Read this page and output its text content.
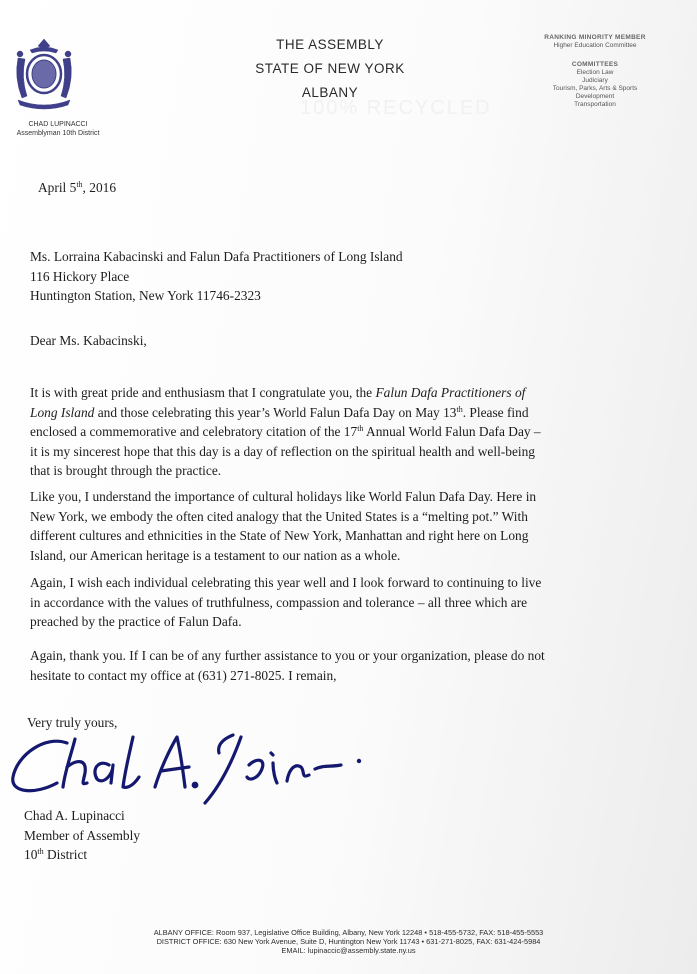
CHAD LUPINACCI
Assemblyman 10th District
THE ASSEMBLY
STATE OF NEW YORK
ALBANY
RANKING MINORITY MEMBER
Higher Education Committee
COMMITTEES
Election Law
Judiciary
Tourism, Parks, Arts & Sports
Development
Transportation
100% RECYCLED
April 5th, 2016
Ms. Lorraina Kabacinski and Falun Dafa Practitioners of Long Island
116 Hickory Place
Huntington Station, New York 11746-2323
Dear Ms. Kabacinski,
It is with great pride and enthusiasm that I congratulate you, the Falun Dafa Practitioners of
Long Island and those celebrating this year’s World Falun Dafa Day on May 13th. Please find
enclosed a commemorative and celebratory citation of the 17th Annual World Falun Dafa Day –
it is my sincerest hope that this day is a day of reflection on the spiritual health and well-being
that is brought through the practice.
Like you, I understand the importance of cultural holidays like World Falun Dafa Day. Here in
New York, we embody the often cited analogy that the United States is a “melting pot.” With
different cultures and ethnicities in the State of New York, Manhattan and right here on Long
Island, our American heritage is a testament to our nation as a whole.
Again, I wish each individual celebrating this year well and I look forward to continuing to live
in accordance with the values of truthfulness, compassion and tolerance – all three which are
preached by the practice of Falun Dafa.
Again, thank you. If I can be of any further assistance to you or your organization, please do not
hesitate to contact my office at (631) 271-8025. I remain,
Very truly yours,
Chad A. Lupinacci
Member of Assembly
10th District
ALBANY OFFICE: Room 937, Legislative Office Building, Albany, New York 12248 • 518-455-5732, FAX: 518-455-5553
DISTRICT OFFICE: 630 New York Avenue, Suite D, Huntington New York 11743 • 631-271-8025, FAX: 631-424-5984
EMAIL: lupinaccic@assembly.state.ny.us
